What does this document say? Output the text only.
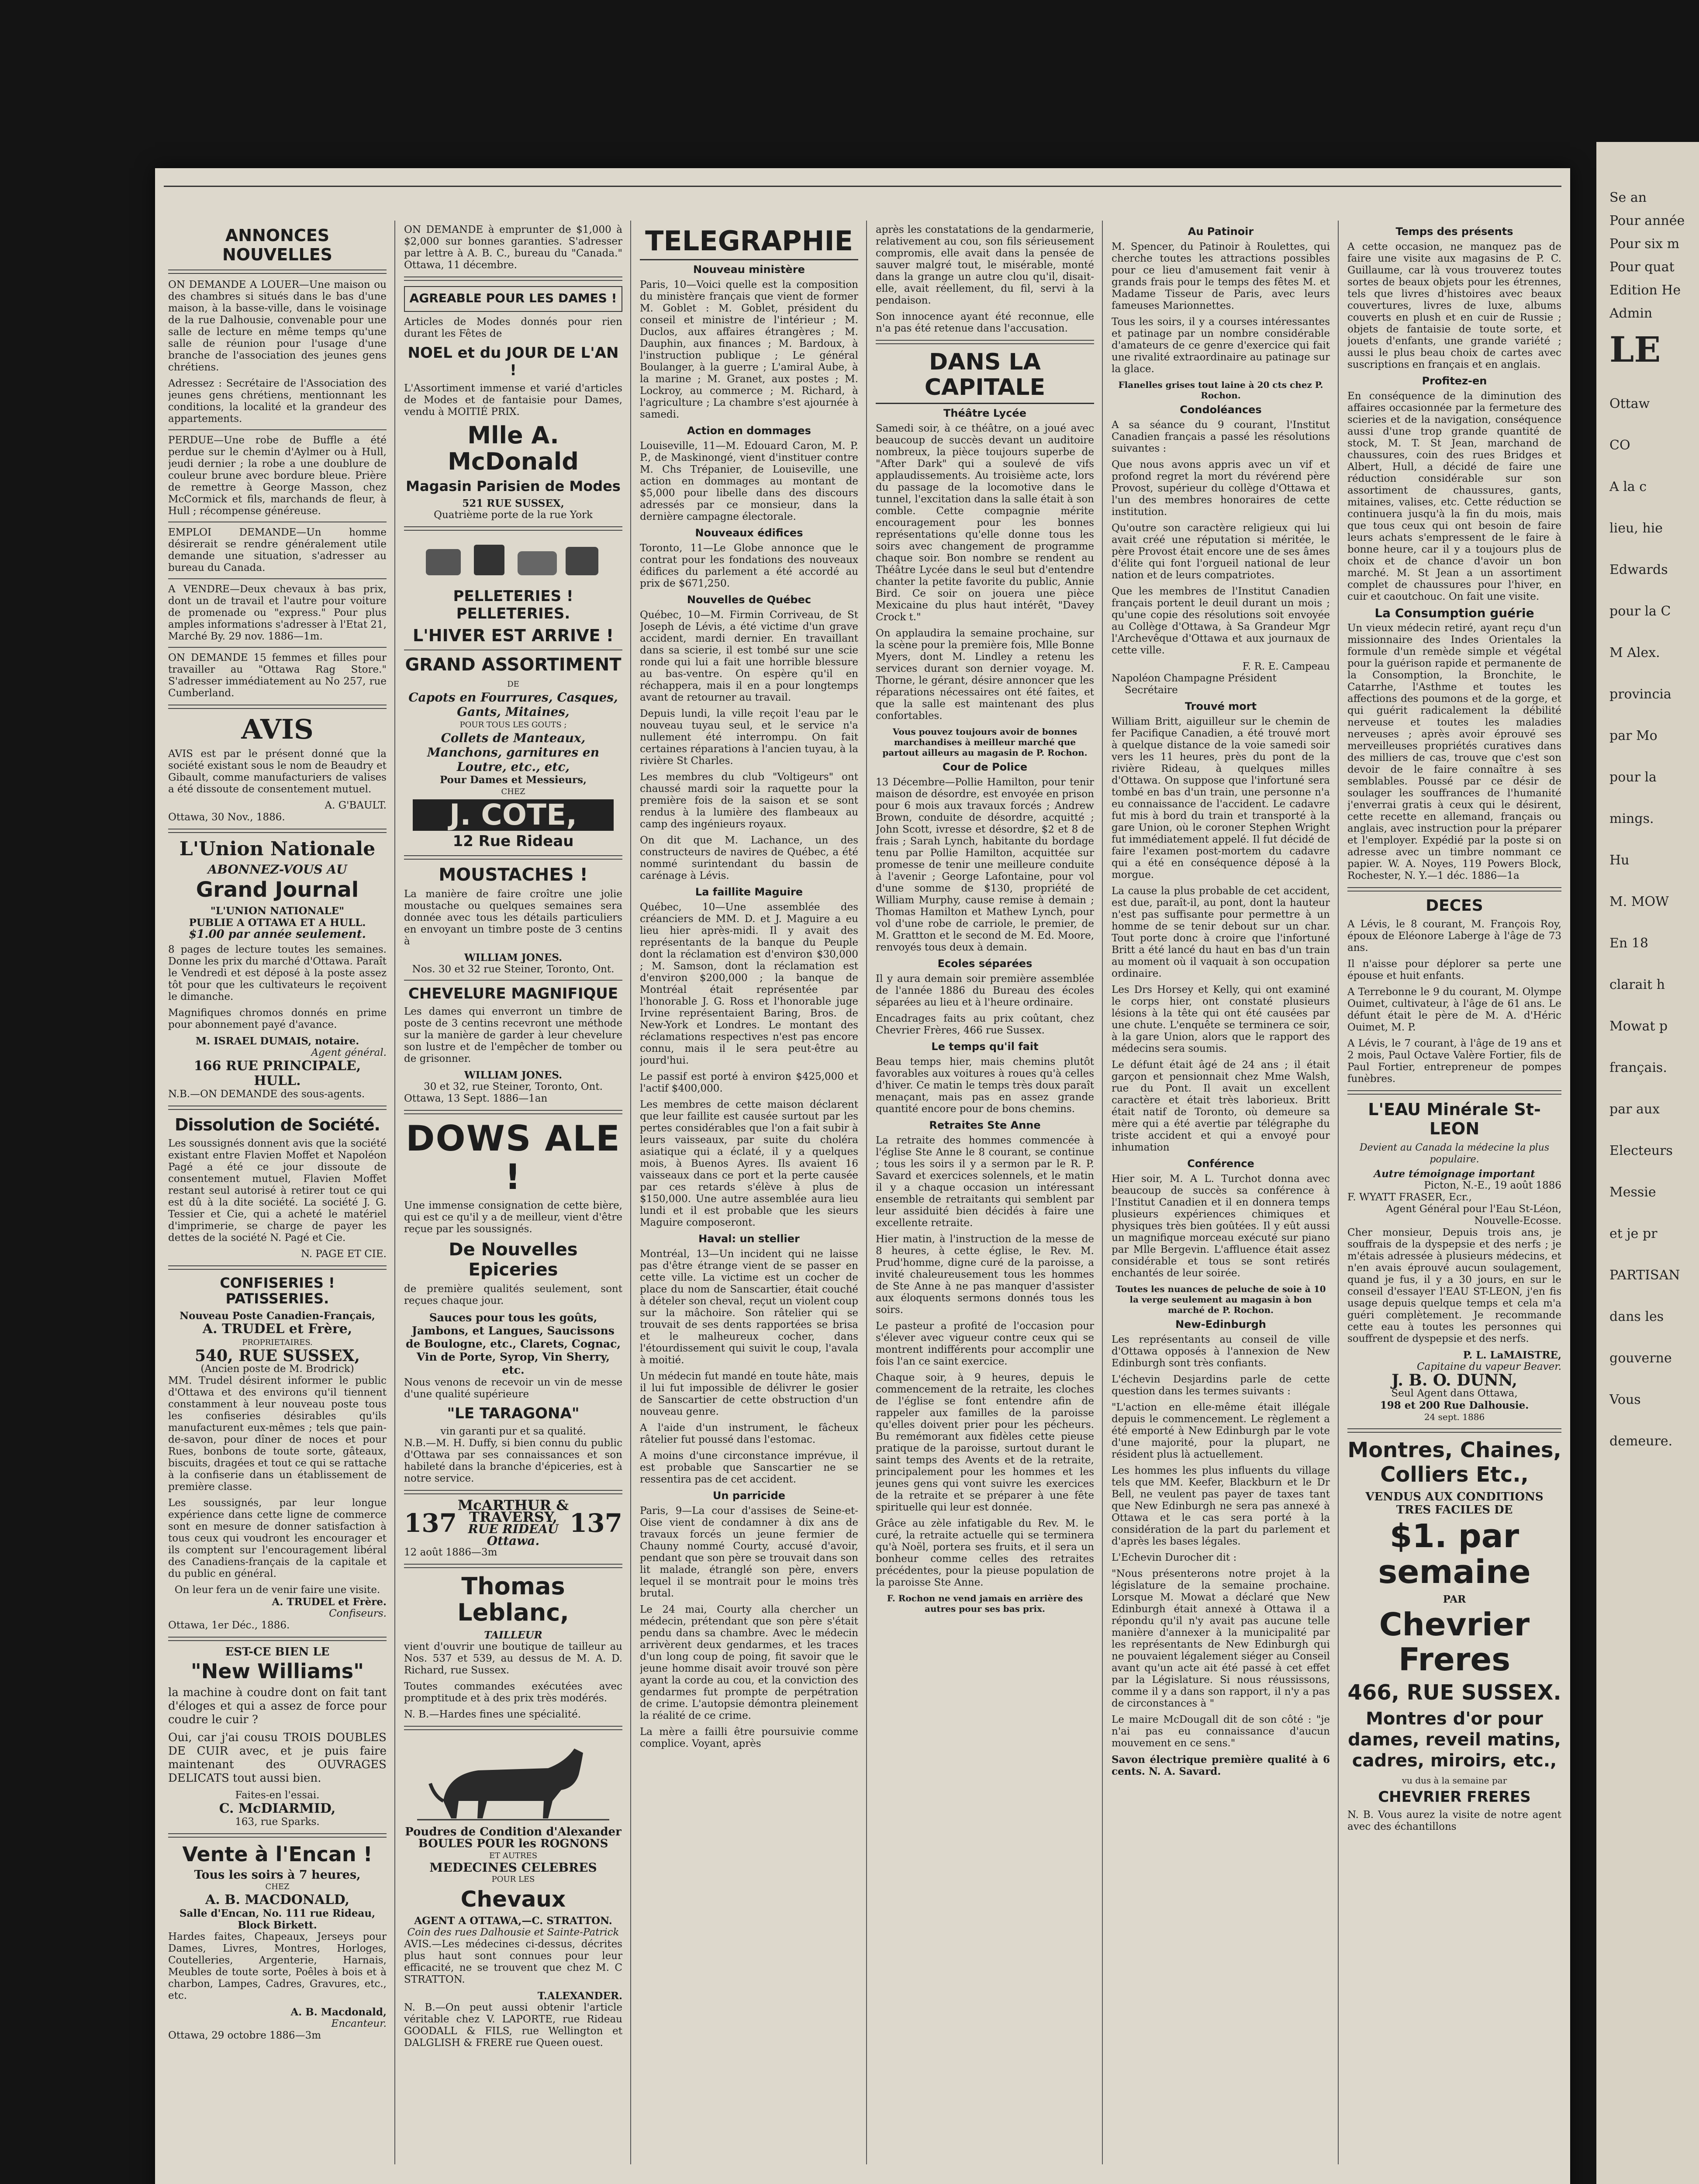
ANNONCES NOUVELLES
ON DEMANDE A LOUER—Une maison ou des chambres si situés dans le bas d'une maison, à la basse-ville, dans le voisinage de la rue Dalhousie, convenable pour une salle de lecture en même temps qu'une salle de réunion pour l'usage d'une branche de l'association des jeunes gens chrétiens.
Adressez : Secrétaire de l'Association des jeunes gens chrétiens, mentionnant les conditions, la localité et la grandeur des appartements.
PERDUE—Une robe de Buffle a été perdue sur le chemin d'Aylmer ou à Hull, jeudi dernier ; la robe a une doublure de couleur brune avec bordure bleue. Prière de remettre à George Masson, chez McCormick et fils, marchands de fleur, à Hull ; récompense généreuse.
EMPLOI DEMANDE—Un homme désirerait se rendre généralement utile demande une situation, s'adresser au bureau du Canada.
A VENDRE—Deux chevaux à bas prix, dont un de travail et l'autre pour voiture de promenade ou "express." Pour plus amples informations s'adresser à l'Etat 21, Marché By. 29 nov. 1886—1m.
ON DEMANDE 15 femmes et filles pour travailler au "Ottawa Rag Store." S'adresser immédiatement au No 257, rue Cumberland.
AVIS
AVIS est par le présent donné que la société existant sous le nom de Beaudry et Gibault, comme manufacturiers de valises a été dissoute de consentement mutuel.
A. G'BAULT.
Ottawa, 30 Nov., 1886.
L'Union Nationale
ABONNEZ-VOUS AU
Grand Journal
"L'UNION NATIONALE"
PUBLIE A OTTAWA ET A HULL.
$1.00 par année seulement.
8 pages de lecture toutes les semaines. Donne les prix du marché d'Ottawa. Paraît le Vendredi et est déposé à la poste assez tôt pour que les cultivateurs le reçoivent le dimanche.
Magnifiques chromos donnés en prime pour abonnement payé d'avance.
M. ISRAEL DUMAIS, notaire.
Agent général.
166 RUE PRINCIPALE,
HULL.
N.B.—ON DEMANDE des sous-agents.
Dissolution de Société.
Les soussignés donnent avis que la société existant entre Flavien Moffet et Napoléon Pagé a été ce jour dissoute de consentement mutuel, Flavien Moffet restant seul autorisé à retirer tout ce qui est dû à la dite société. La société J. G. Tessier et Cie, qui a acheté le matériel d'imprimerie, se charge de payer les dettes de la société N. Pagé et Cie.
N. PAGE ET CIE.
CONFISERIES ! PATISSERIES.
Nouveau Poste Canadien-Français,
A. TRUDEL et Frère,
PROPRIETAIRES.
540, RUE SUSSEX,
(Ancien poste de M. Brodrick)
MM. Trudel désirent informer le public d'Ottawa et des environs qu'il tiennent constamment à leur nouveau poste tous les confiseries désirables qu'ils manufacturent eux-mêmes ; tels que pain-de-savon, pour dîner de noces et pour Rues, bonbons de toute sorte, gâteaux, biscuits, dragées et tout ce qui se rattache à la confiserie dans un établissement de première classe.
Les soussignés, par leur longue expérience dans cette ligne de commerce sont en mesure de donner satisfaction à tous ceux qui voudront les encourager et ils comptent sur l'encouragement libéral des Canadiens-français de la capitale et du public en général.
On leur fera un de venir faire une visite.
A. TRUDEL et Frère.
Confiseurs.
Ottawa, 1er Déc., 1886.
EST-CE BIEN LE
"New Williams"
la machine à coudre dont on fait tant d'éloges et qui a assez de force pour coudre le cuir ?
Oui, car j'ai cousu TROIS DOUBLES DE CUIR avec, et je puis faire maintenant des OUVRAGES DELICATS tout aussi bien.
Faites-en l'essai.
C. McDIARMID,
163, rue Sparks.
Vente à l'Encan !
Tous les soirs à 7 heures,
CHEZ
A. B. MACDONALD,
Salle d'Encan, No. 111 rue Rideau, Block Birkett.
Hardes faites, Chapeaux, Jerseys pour Dames, Livres, Montres, Horloges, Coutelleries, Argenterie, Harnais, Meubles de toute sorte, Poêles à bois et à charbon, Lampes, Cadres, Gravures, etc., etc.
A. B. Macdonald,
Encanteur.
Ottawa, 29 octobre 1886—3m
ON DEMANDE à emprunter de $1,000 à $2,000 sur bonnes garanties. S'adresser par lettre à A. B. C., bureau du "Canada." Ottawa, 11 décembre.
AGREABLE POUR LES DAMES !
Articles de Modes donnés pour rien durant les Fêtes de
NOEL et du JOUR DE L'AN !
L'Assortiment immense et varié d'articles de Modes et de fantaisie pour Dames, vendu à MOITIÉ PRIX.
Mlle A. McDonald
Magasin Parisien de Modes
521 RUE SUSSEX,
Quatrième porte de la rue York
PELLETERIES ! PELLETERIES.
L'HIVER EST ARRIVE !
GRAND ASSORTIMENT
DE
Capots en Fourrures, Casques, Gants, Mitaines,
POUR TOUS LES GOUTS ;
Collets de Manteaux, Manchons, garnitures en Loutre, etc., etc,
Pour Dames et Messieurs,
CHEZ
J. COTE,
12 Rue Rideau
MOUSTACHES !
La manière de faire croître une jolie moustache ou quelques semaines sera donnée avec tous les détails particuliers en envoyant un timbre poste de 3 centins à
WILLIAM JONES.
Nos. 30 et 32 rue Steiner, Toronto, Ont.
CHEVELURE MAGNIFIQUE
Les dames qui enverront un timbre de poste de 3 centins recevront une méthode sur la manière de garder à leur chevelure son lustre et de l'empêcher de tomber ou de grisonner.
WILLIAM JONES.
30 et 32, rue Steiner, Toronto, Ont.
Ottawa, 13 Sept. 1886—1an
DOWS ALE !
Une immense consignation de cette bière, qui est ce qu'il y a de meilleur, vient d'être reçue par les soussignés.
De Nouvelles Epiceries
de première qualités seulement, sont reçues chaque jour.
Sauces pour tous les goûts, Jambons, et Langues, Saucissons de Boulogne, etc., Clarets, Cognac, Vin de Porte, Syrop, Vin Sherry, etc.
Nous venons de recevoir un vin de messe d'une qualité supérieure
"LE TARAGONA"
vin garanti pur et sa qualité.
N.B.—M. H. Duffy, si bien connu du public d'Ottawa par ses connaissances et son habileté dans la branche d'épiceries, est à notre service.
137
McARTHUR & TRAVERSY,
RUE RIDEAU
Ottawa.
137
12 août 1886—3m
Thomas Leblanc,
TAILLEUR
vient d'ouvrir une boutique de tailleur au Nos. 537 et 539, au dessus de M. A. D. Richard, rue Sussex.
Toutes commandes exécutées avec promptitude et à des prix très modérés.
N. B.—Hardes fines une spécialité.
Poudres de Condition d'Alexander
BOULES POUR les ROGNONS
ET AUTRES
MEDECINES CELEBRES
POUR LES
Chevaux
AGENT A OTTAWA,—C. STRATTON.
Coin des rues Dalhousie et Sainte-Patrick
AVIS.—Les médecines ci-dessus, décrites plus haut sont connues pour leur efficacité, ne se trouvent que chez M. C STRATTON.
T.ALEXANDER.
N. B.—On peut aussi obtenir l'article véritable chez V. LAPORTE, rue Rideau GOODALL & FILS, rue Wellington et DALGLISH & FRERE rue Queen ouest.
TELEGRAPHIE
Nouveau ministère
Paris, 10—Voici quelle est la composition du ministère français que vient de former M. Goblet : M. Goblet, président du conseil et ministre de l'intérieur ; M. Duclos, aux affaires étrangères ; M. Dauphin, aux finances ; M. Bardoux, à l'instruction publique ; Le général Boulanger, à la guerre ; L'amiral Aube, à la marine ; M. Granet, aux postes ; M. Lockroy, au commerce ; M. Richard, à l'agriculture ; La chambre s'est ajournée à samedi.
Action en dommages
Louiseville, 11—M. Edouard Caron, M. P. P., de Maskinongé, vient d'instituer contre M. Chs Trépanier, de Louiseville, une action en dommages au montant de $5,000 pour libelle dans des discours adressés par ce monsieur, dans la dernière campagne électorale.
Nouveaux édifices
Toronto, 11—Le Globe annonce que le contrat pour les fondations des nouveaux édifices du parlement a été accordé au prix de $671,250.
Nouvelles de Québec
Québec, 10—M. Firmin Corriveau, de St Joseph de Lévis, a été victime d'un grave accident, mardi dernier. En travaillant dans sa scierie, il est tombé sur une scie ronde qui lui a fait une horrible blessure au bas-ventre. On espère qu'il en réchappera, mais il en a pour longtemps avant de retourner au travail.
Depuis lundi, la ville reçoit l'eau par le nouveau tuyau seul, et le service n'a nullement été interrompu. On fait certaines réparations à l'ancien tuyau, à la rivière St Charles.
Les membres du club "Voltigeurs" ont chaussé mardi soir la raquette pour la première fois de la saison et se sont rendus à la lumière des flambeaux au camp des ingénieurs royaux.
On dit que M. Lachance, un des constructeurs de navires de Québec, a été nommé surintendant du bassin de carénage à Lévis.
La faillite Maguire
Québec, 10—Une assemblée des créanciers de MM. D. et J. Maguire a eu lieu hier après-midi. Il y avait des représentants de la banque du Peuple dont la réclamation est d'environ $30,000 ; M. Samson, dont la réclamation est d'environ $200,000 ; la banque de Montréal était représentée par l'honorable J. G. Ross et l'honorable juge Irvine représentaient Baring, Bros. de New-York et Londres. Le montant des réclamations respectives n'est pas encore connu, mais il le sera peut-être au jourd'hui.
Le passif est porté à environ $425,000 et l'actif $400,000.
Les membres de cette maison déclarent que leur faillite est causée surtout par les pertes considérables que l'on a fait subir à leurs vaisseaux, par suite du choléra asiatique qui a éclaté, il y a quelques mois, à Buenos Ayres. Ils avaient 16 vaisseaux dans ce port et la perte causée par ces retards s'élève à plus de $150,000. Une autre assemblée aura lieu lundi et il est probable que les sieurs Maguire composeront.
Haval: un stellier
Montréal, 13—Un incident qui ne laisse pas d'être étrange vient de se passer en cette ville. La victime est un cocher de place du nom de Sanscartier, était couché à dételer son cheval, reçut un violent coup sur la mâchoire. Son râtelier qui se trouvait de ses dents rapportées se brisa et le malheureux cocher, dans l'étourdissement qui suivit le coup, l'avala à moitié.
Un médecin fut mandé en toute hâte, mais il lui fut impossible de délivrer le gosier de Sanscartier de cette obstruction d'un nouveau genre.
A l'aide d'un instrument, le fâcheux râtelier fut poussé dans l'estomac.
A moins d'une circonstance imprévue, il est probable que Sanscartier ne se ressentira pas de cet accident.
Un parricide
Paris, 9—La cour d'assises de Seine-et-Oise vient de condamner à dix ans de travaux forcés un jeune fermier de Chauny nommé Courty, accusé d'avoir, pendant que son père se trouvait dans son lit malade, étranglé son père, envers lequel il se montrait pour le moins très brutal.
Le 24 mai, Courty alla chercher un médecin, prétendant que son père s'était pendu dans sa chambre. Avec le médecin arrivèrent deux gendarmes, et les traces d'un long coup de poing, fit savoir que le jeune homme disait avoir trouvé son père ayant la corde au cou, et la conviction des gendarmes fut prompte de perpétration de crime. L'autopsie démontra pleinement la réalité de ce crime.
La mère a failli être poursuivie comme complice. Voyant, après
après les constatations de la gendarmerie, relativement au cou, son fils sérieusement compromis, elle avait dans la pensée de sauver malgré tout, le misérable, monté dans la grange un autre clou qu'il, disait-elle, avait réellement, du fil, servi à la pendaison.
Son innocence ayant été reconnue, elle n'a pas été retenue dans l'accusation.
DANS LA CAPITALE
Théâtre Lycée
Samedi soir, à ce théâtre, on a joué avec beaucoup de succès devant un auditoire nombreux, la pièce toujours superbe de "After Dark" qui a soulevé de vifs applaudissements. Au troisième acte, lors du passage de la locomotive dans le tunnel, l'excitation dans la salle était à son comble. Cette compagnie mérite encouragement pour les bonnes représentations qu'elle donne tous les soirs avec changement de programme chaque soir. Bon nombre se rendent au Théâtre Lycée dans le seul but d'entendre chanter la petite favorite du public, Annie Bird. Ce soir on jouera une pièce Mexicaine du plus haut intérêt, "Davey Crock t."
On applaudira la semaine prochaine, sur la scène pour la première fois, Mlle Bonne Myers, dont M. Lindley a retenu les services durant son dernier voyage. M. Thorne, le gérant, désire annoncer que les réparations nécessaires ont été faites, et que la salle est maintenant des plus confortables.
Vous pouvez toujours avoir de bonnes marchandises à meilleur marché que partout ailleurs au magasin de P. Rochon.
Cour de Police
13 Décembre—Pollie Hamilton, pour tenir maison de désordre, est envoyée en prison pour 6 mois aux travaux forcés ; Andrew Brown, conduite de désordre, acquitté ; John Scott, ivresse et désordre, $2 et 8 de frais ; Sarah Lynch, habitante du bordage tenu par Pollie Hamilton, acquittée sur promesse de tenir une meilleure conduite à l'avenir ; George Lafontaine, pour vol d'une somme de $130, propriété de William Murphy, cause remise à demain ; Thomas Hamilton et Mathew Lynch, pour vol d'une robe de carriole, le premier, de M. Grattton et le second de M. Ed. Moore, renvoyés tous deux à demain.
Ecoles séparées
Il y aura demain soir première assemblée de l'année 1886 du Bureau des écoles séparées au lieu et à l'heure ordinaire.
Encadrages faits au prix coûtant, chez Chevrier Frères, 466 rue Sussex.
Le temps qu'il fait
Beau temps hier, mais chemins plutôt favorables aux voitures à roues qu'à celles d'hiver. Ce matin le temps très doux paraît menaçant, mais pas en assez grande quantité encore pour de bons chemins.
Retraites Ste Anne
La retraite des hommes commencée à l'église Ste Anne le 8 courant, se continue ; tous les soirs il y a sermon par le R. P. Savard et exercices solennels, et le matin il y a chaque occasion un intéressant ensemble de retraitants qui semblent par leur assiduité bien décidés à faire une excellente retraite.
Hier matin, à l'instruction de la messe de 8 heures, à cette église, le Rev. M. Prud'homme, digne curé de la paroisse, a invité chaleureusement tous les hommes de Ste Anne à ne pas manquer d'assister aux éloquents sermons donnés tous les soirs.
Le pasteur a profité de l'occasion pour s'élever avec vigueur contre ceux qui se montrent indifférents pour accomplir une fois l'an ce saint exercice.
Chaque soir, à 9 heures, depuis le commencement de la retraite, les cloches de l'église se font entendre afin de rappeler aux familles de la paroisse qu'elles doivent prier pour les pécheurs. Bu remémorant aux fidèles cette pieuse pratique de la paroisse, surtout durant le saint temps des Avents et de la retraite, principalement pour les hommes et les jeunes gens qui vont suivre les exercices de la retraite et se préparer à une fête spirituelle qui leur est donnée.
Grâce au zèle infatigable du Rev. M. le curé, la retraite actuelle qui se terminera qu'à Noël, portera ses fruits, et il sera un bonheur comme celles des retraites précédentes, pour la pieuse population de la paroisse Ste Anne.
F. Rochon ne vend jamais en arrière des autres pour ses bas prix.
Au Patinoir
M. Spencer, du Patinoir à Roulettes, qui cherche toutes les attractions possibles pour ce lieu d'amusement fait venir à grands frais pour le temps des fêtes M. et Madame Tisseur de Paris, avec leurs fameuses Marionnettes.
Tous les soirs, il y a courses intéressantes et patinage par un nombre considérable d'amateurs de ce genre d'exercice qui fait une rivalité extraordinaire au patinage sur la glace.
Flanelles grises tout laine à 20 cts chez P. Rochon.
Condoléances
A sa séance du 9 courant, l'Institut Canadien français a passé les résolutions suivantes :
Que nous avons appris avec un vif et profond regret la mort du révérend père Provost, supérieur du collège d'Ottawa et l'un des membres honoraires de cette institution.
Qu'outre son caractère religieux qui lui avait créé une réputation si méritée, le père Provost était encore une de ses âmes d'élite qui font l'orgueil national de leur nation et de leurs compatriotes.
Que les membres de l'Institut Canadien français portent le deuil durant un mois ; qu'une copie des résolutions soit envoyée au Collège d'Ottawa, à Sa Grandeur Mgr l'Archevêque d'Ottawa et aux journaux de cette ville.
F. R. E. Campeau
Napoléon Champagne Président
Secrétaire
Trouvé mort
William Britt, aiguilleur sur le chemin de fer Pacifique Canadien, a été trouvé mort à quelque distance de la voie samedi soir vers les 11 heures, près du pont de la rivière Rideau, à quelques milles d'Ottawa. On suppose que l'infortuné sera tombé en bas d'un train, une personne n'a eu connaissance de l'accident. Le cadavre fut mis à bord du train et transporté à la gare Union, où le coroner Stephen Wright fut immédiatement appelé. Il fut décidé de faire l'examen post-mortem du cadavre qui a été en conséquence déposé à la morgue.
La cause la plus probable de cet accident, est due, paraît-il, au pont, dont la hauteur n'est pas suffisante pour permettre à un homme de se tenir debout sur un char. Tout porte donc à croire que l'infortuné Britt a été lancé du haut en bas d'un train au moment où il vaquait à son occupation ordinaire.
Les Drs Horsey et Kelly, qui ont examiné le corps hier, ont constaté plusieurs lésions à la tête qui ont été causées par une chute. L'enquête se terminera ce soir, à la gare Union, alors que le rapport des médecins sera soumis.
Le défunt était âgé de 24 ans ; il était garçon et pensionnait chez Mme Walsh, rue du Pont. Il avait un excellent caractère et était très laborieux. Britt était natif de Toronto, où demeure sa mère qui a été avertie par télégraphe du triste accident et qui a envoyé pour inhumation
Conférence
Hier soir, M. A L. Turchot donna avec beaucoup de succès sa conférence à l'Institut Canadien et il en donnera temps plusieurs expériences chimiques et physiques très bien goûtées. Il y eût aussi un magnifique morceau exécuté sur piano par Mlle Bergevin. L'affluence était assez considérable et tous se sont retirés enchantés de leur soirée.
Toutes les nuances de peluche de soie à 10 la verge seulement au magasin à bon marché de P. Rochon.
New-Edinburgh
Les représentants au conseil de ville d'Ottawa opposés à l'annexion de New Edinburgh sont très confiants.
L'échevin Desjardins parle de cette question dans les termes suivants :
"L'action en elle-même était illégale depuis le commencement. Le règlement a été emporté à New Edinburgh par le vote d'une majorité, pour la plupart, ne résident plus là actuellement.
Les hommes les plus influents du village tels que MM. Keefer, Blackburn et le Dr Bell, ne veulent pas payer de taxes tant que New Edinburgh ne sera pas annexé à Ottawa et le cas sera porté à la considération de la part du parlement et d'après les bases légales.
L'Echevin Durocher dit :
"Nous présenterons notre projet à la législature de la semaine prochaine. Lorsque M. Mowat a déclaré que New Edinburgh était annexé à Ottawa il a répondu qu'il n'y avait pas aucune telle manière d'annexer à la municipalité par les représentants de New Edinburgh qui ne pouvaient légalement siéger au Conseil avant qu'un acte ait été passé à cet effet par la Législature. Si nous réussissons, comme il y a dans son rapport, il n'y a pas de circonstances à "
Le maire McDougall dit de son côté : "je n'ai pas eu connaissance d'aucun mouvement en ce sens."
Savon électrique première qualité à 6 cents. N. A. Savard.
Temps des présents
A cette occasion, ne manquez pas de faire une visite aux magasins de P. C. Guillaume, car là vous trouverez toutes sortes de beaux objets pour les étrennes, tels que livres d'histoires avec beaux couvertures, livres de luxe, albums couverts en plush et en cuir de Russie ; objets de fantaisie de toute sorte, et jouets d'enfants, une grande variété ; aussi le plus beau choix de cartes avec suscriptions en français et en anglais.
Profitez-en
En conséquence de la diminution des affaires occasionnée par la fermeture des scieries et de la navigation, conséquence aussi d'une trop grande quantité de stock, M. T. St Jean, marchand de chaussures, coin des rues Bridges et Albert, Hull, a décidé de faire une réduction considérable sur son assortiment de chaussures, gants, mitaines, valises, etc. Cette réduction se continuera jusqu'à la fin du mois, mais que tous ceux qui ont besoin de faire leurs achats s'empressent de le faire à bonne heure, car il y a toujours plus de choix et de chance d'avoir un bon marché. M. St Jean a un assortiment complet de chaussures pour l'hiver, en cuir et caoutchouc. On fait une visite.
La Consumption guérie
Un vieux médecin retiré, ayant reçu d'un missionnaire des Indes Orientales la formule d'un remède simple et végétal pour la guérison rapide et permanente de la Consomption, la Bronchite, le Catarrhe, l'Asthme et toutes les affections des poumons et de la gorge, et qui guérit radicalement la débilité nerveuse et toutes les maladies nerveuses ; après avoir éprouvé ses merveilleuses propriétés curatives dans des milliers de cas, trouve que c'est son devoir de le faire connaître à ses semblables. Poussé par ce désir de soulager les souffrances de l'humanité j'enverrai gratis à ceux qui le désirent, cette recette en allemand, français ou anglais, avec instruction pour la préparer et l'employer. Expédié par la poste si on adresse avec un timbre nommant ce papier. W. A. Noyes, 119 Powers Block, Rochester, N. Y.—1 déc. 1886—1a
DECES
A Lévis, le 8 courant, M. François Roy, époux de Eléonore Laberge à l'âge de 73 ans.
Il n'aisse pour déplorer sa perte une épouse et huit enfants.
A Terrebonne le 9 du courant, M. Olympe Ouimet, cultivateur, à l'âge de 61 ans. Le défunt était le père de M. A. d'Héric Ouimet, M. P.
A Lévis, le 7 courant, à l'âge de 19 ans et 2 mois, Paul Octave Valère Fortier, fils de Paul Fortier, entrepreneur de pompes funèbres.
L'EAU Minérale St-LEON
Devient au Canada la médecine la plus populaire.
Autre témoignage important
Picton, N.-E., 19 août 1886
F. WYATT FRASER, Ecr.,
Agent Général pour l'Eau St-Léon, Nouvelle-Ecosse.
Cher monsieur, Depuis trois ans, je souffrais de la dyspepsie et des nerfs ; je m'étais adressée à plusieurs médecins, et n'en avais éprouvé aucun soulagement, quand je fus, il y a 30 jours, en sur le conseil d'essayer l'EAU ST-LEON, j'en fis usage depuis quelque temps et cela m'a guéri complètement. Je recommande cette eau à toutes les personnes qui souffrent de dyspepsie et des nerfs.
P. L. LaMAISTRE,
Capitaine du vapeur Beaver.
J. B. O. DUNN,
Seul Agent dans Ottawa,
198 et 200 Rue Dalhousie.
24 sept. 1886
Montres, Chaines, Colliers Etc.,
VENDUS AUX CONDITIONS TRES FACILES DE
$1. par semaine
PAR
Chevrier Freres
466, RUE SUSSEX.
Montres d'or pour dames, reveil matins, cadres, miroirs, etc.,
vu dus à la semaine par
CHEVRIER FRERES
N. B. Vous aurez la visite de notre agent avec des échantillons
Se an
Pour année
Pour six m
Pour quat
Edition He
Admin
LE
Ottaw
CO
A la c
lieu, hie
Edwards
pour la C
M Alex.
provincia
par Mo
pour la
mings.
Hu
M. MOW
En 18
clarait h
Mowat p
français.
par aux
Electeurs
Messie
et je pr
PARTISAN
dans les
gouverne
Vous
demeure.
